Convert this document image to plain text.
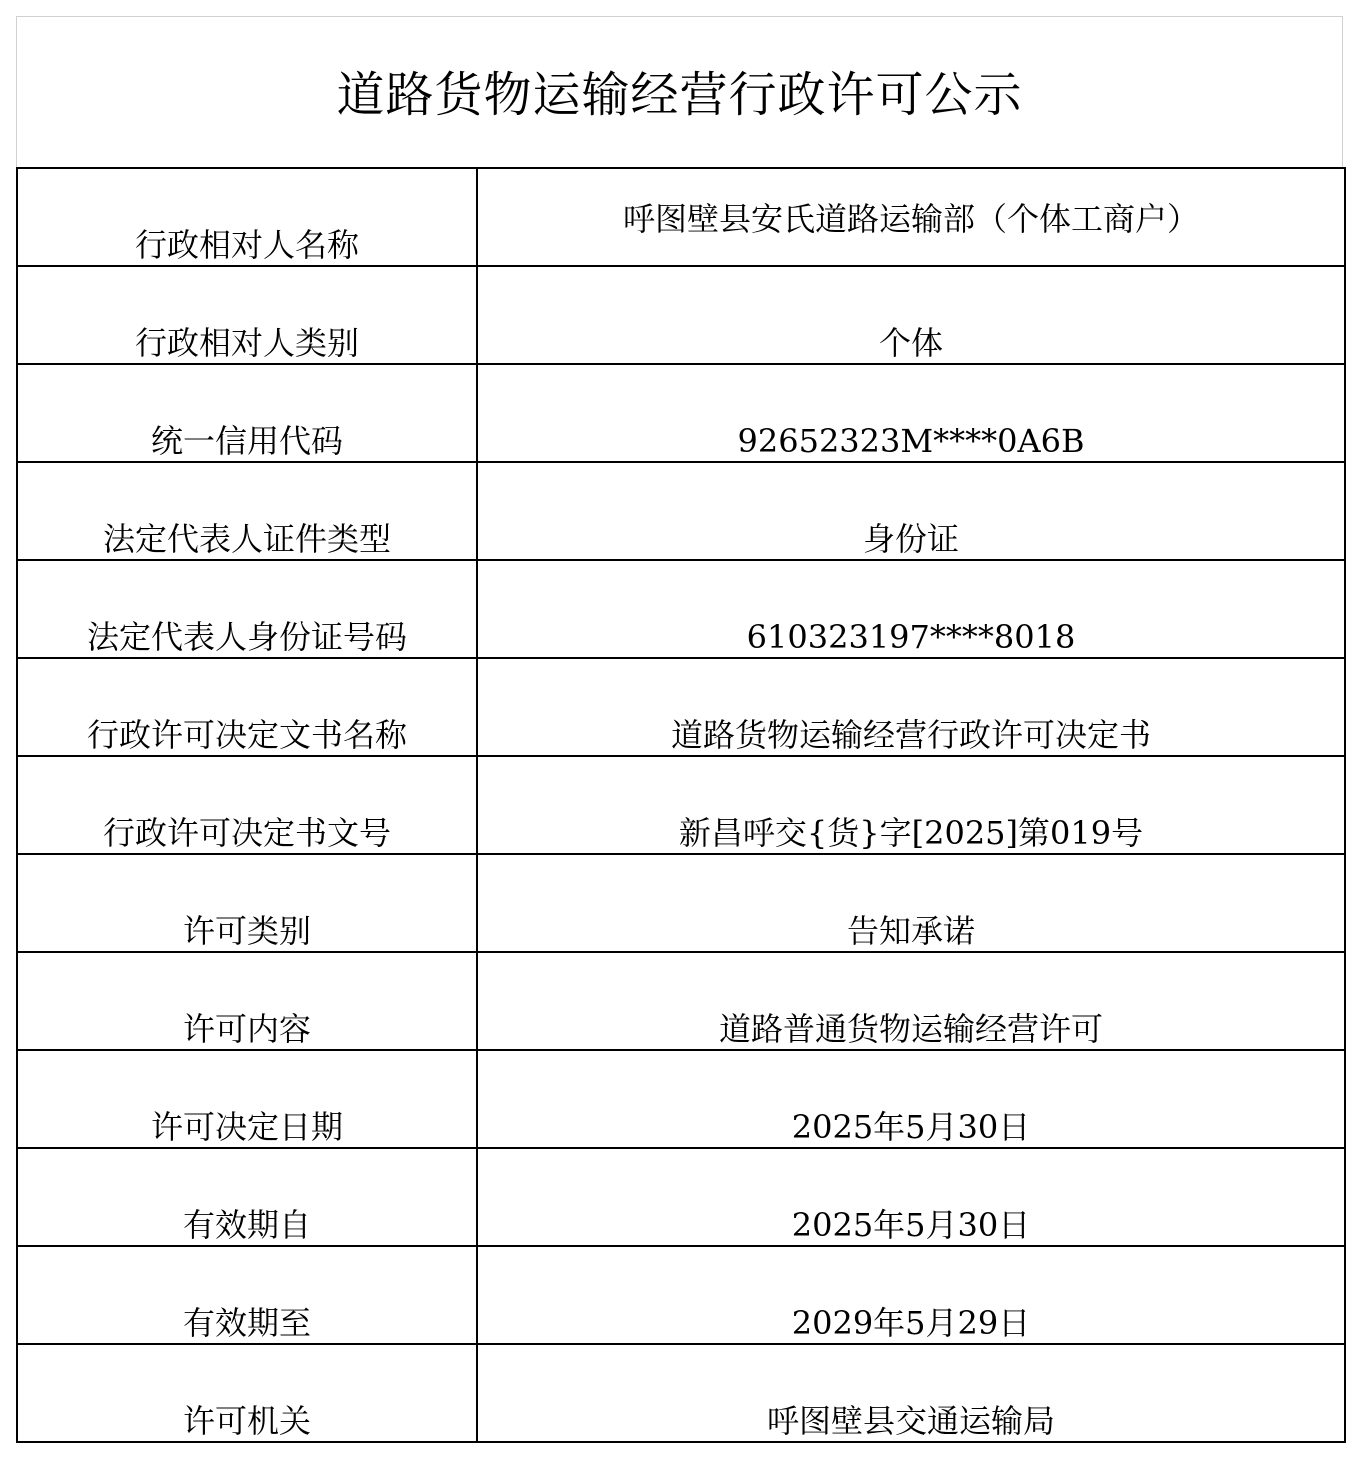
道路货物运输经营行政许可公示
行政相对人名称	呼图壁县安氏道路运输部（个体工商户）

行政相对人类别	个体

统一信用代码	92652323M****0A6B

法定代表人证件类型	身份证

法定代表人身份证号码	610323197****8018

行政许可决定文书名称	道路货物运输经营行政许可决定书

行政许可决定书文号	新昌呼交{货}字[2025]第019号

许可类别	告知承诺

许可内容	道路普通货物运输经营许可

许可决定日期	2025年5月30日

有效期自	2025年5月30日

有效期至	2029年5月29日

许可机关	呼图壁县交通运输局
